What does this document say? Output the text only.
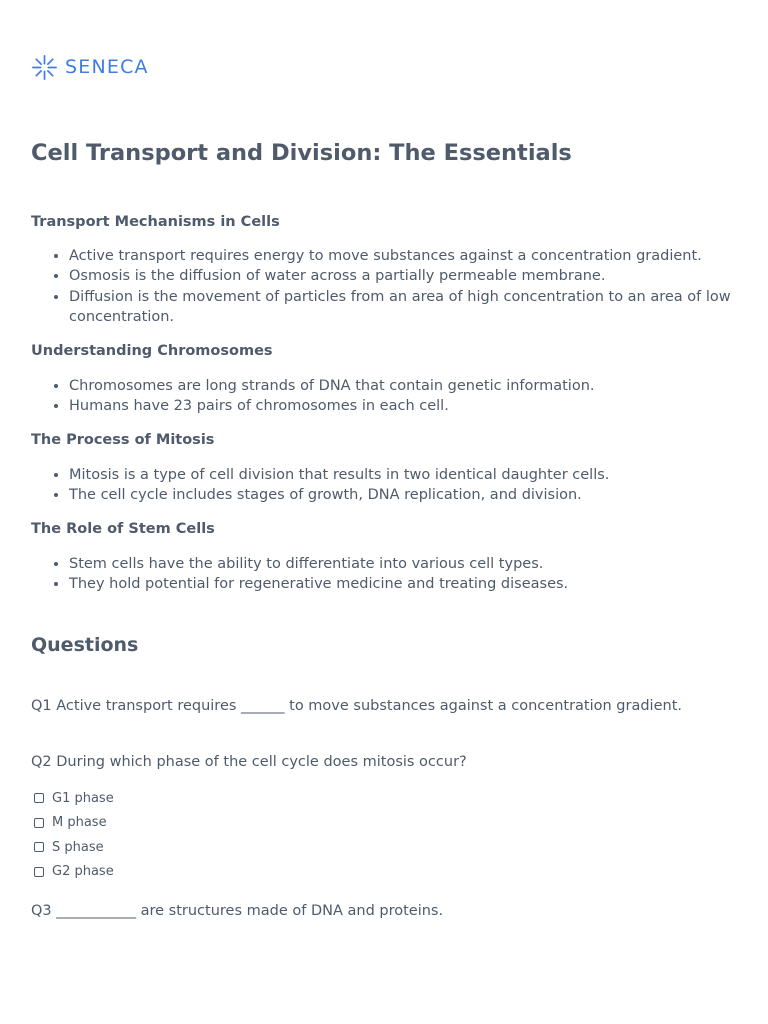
SENECA
Cell Transport and Division: The Essentials
Transport Mechanisms in Cells
• Active transport requires energy to move substances against a concentration gradient.
• Osmosis is the diffusion of water across a partially permeable membrane.
• Diffusion is the movement of particles from an area of high concentration to an area of low concentration.
Understanding Chromosomes
• Chromosomes are long strands of DNA that contain genetic information.
• Humans have 23 pairs of chromosomes in each cell.
The Process of Mitosis
• Mitosis is a type of cell division that results in two identical daughter cells.
• The cell cycle includes stages of growth, DNA replication, and division.
The Role of Stem Cells
• Stem cells have the ability to differentiate into various cell types.
• They hold potential for regenerative medicine and treating diseases.
Questions

Q1 Active transport requires ______ to move substances against a concentration gradient.

Q2 During which phase of the cell cycle does mitosis occur?

G1 phase
M phase
S phase
G2 phase

Q3 ___________ are structures made of DNA and proteins.
